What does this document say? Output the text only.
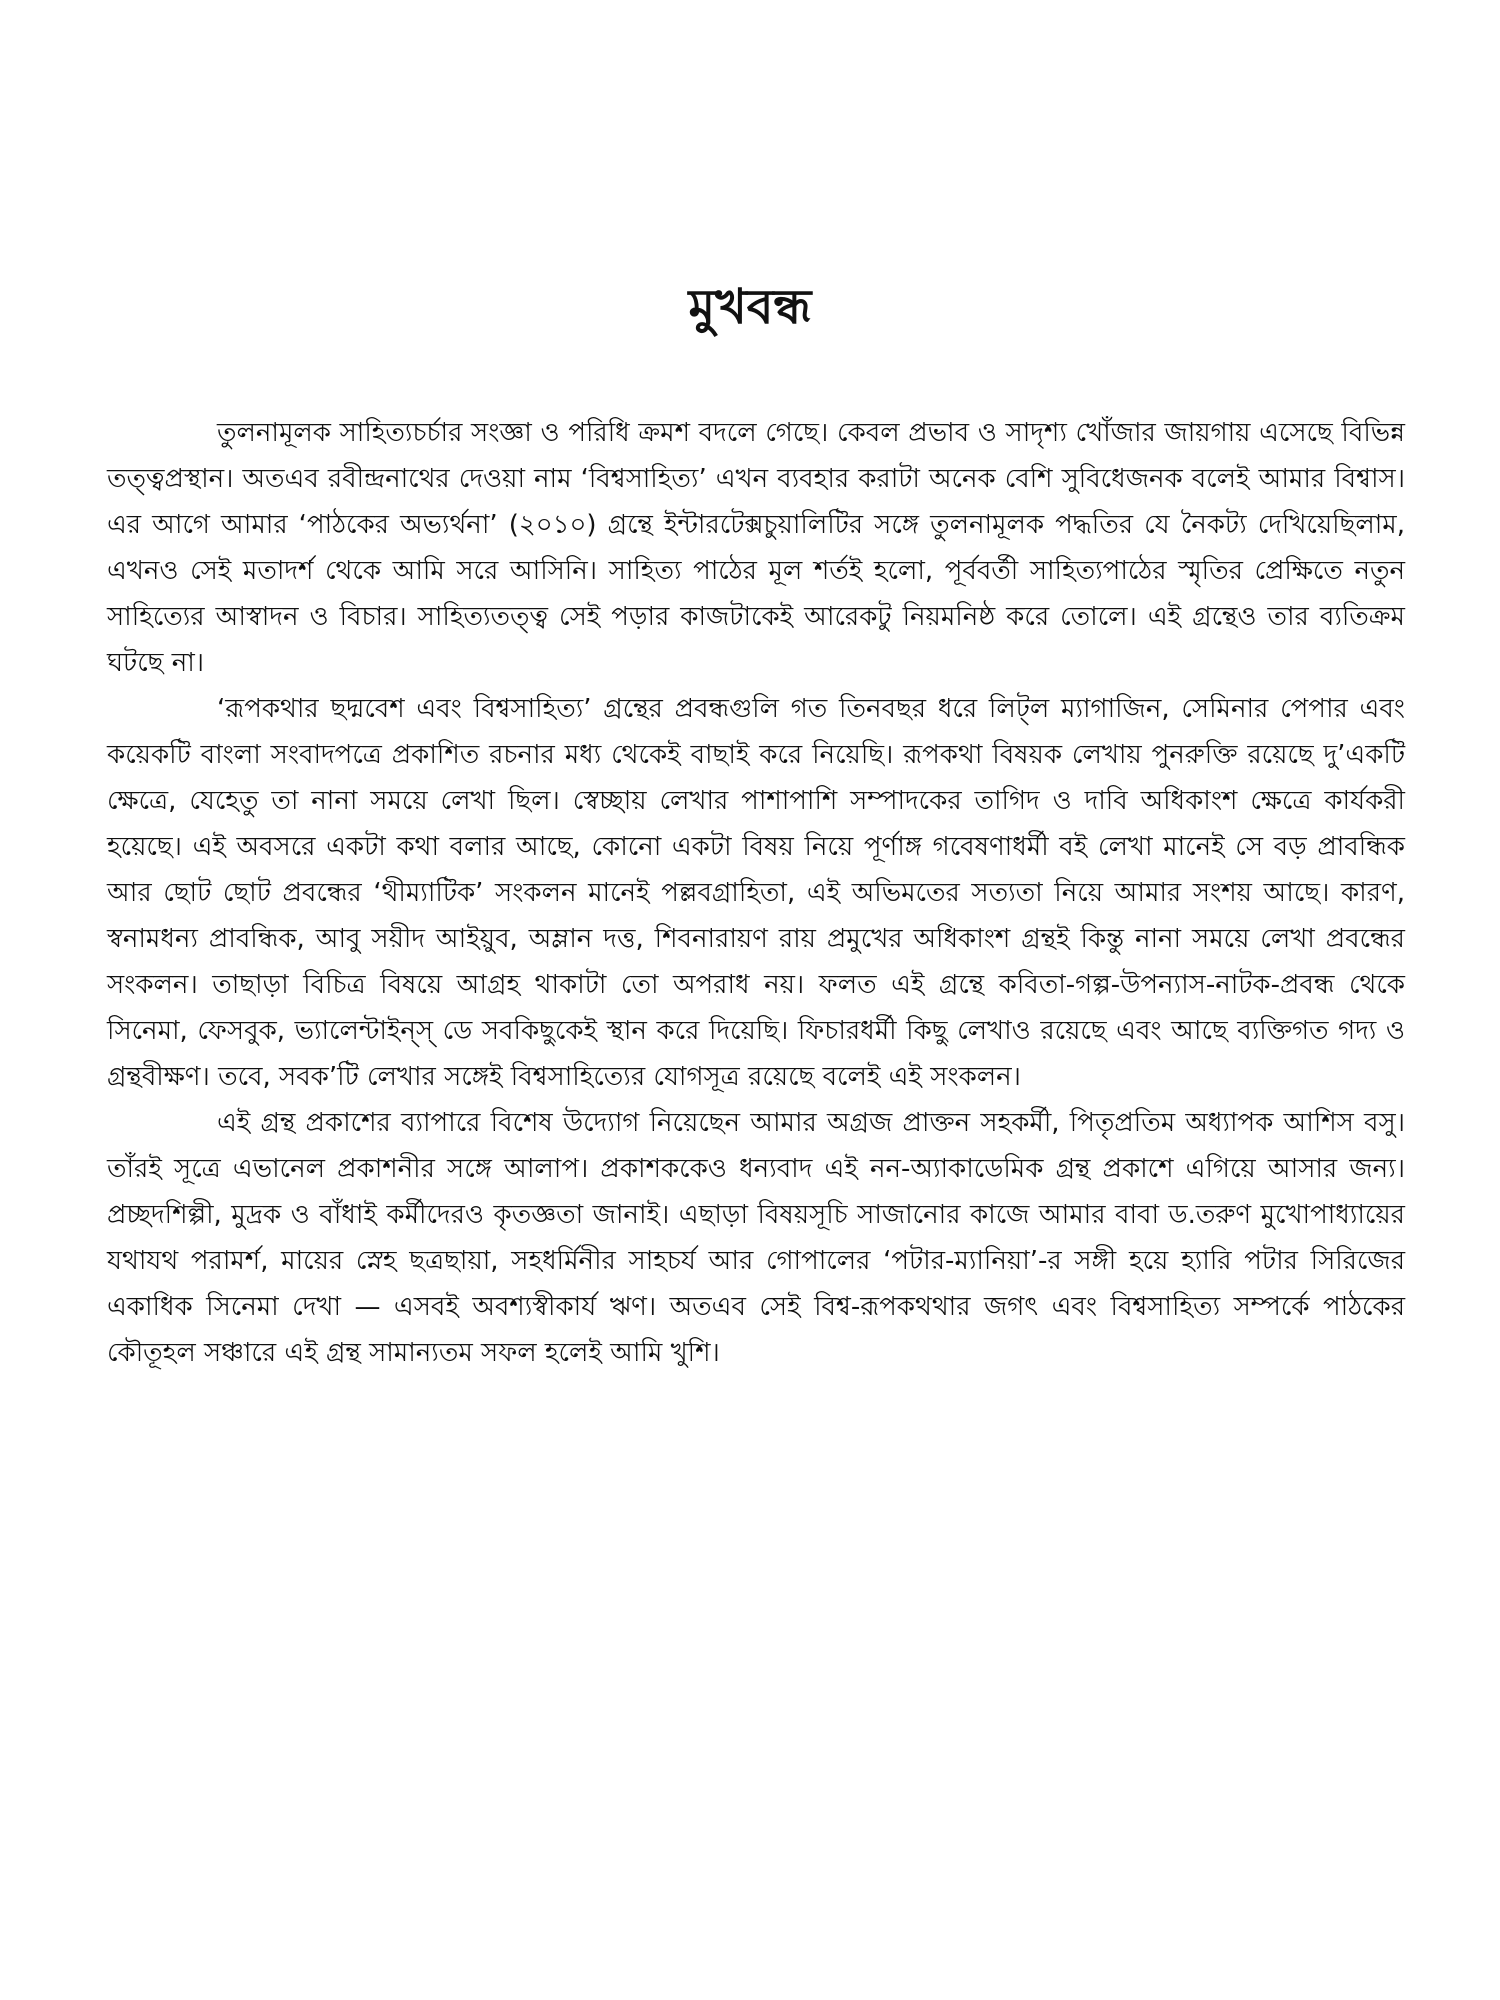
মুখবন্ধ

তুলনামূলক সাহিত্যচর্চার সংজ্ঞা ও পরিধি ক্রমশ বদলে গেছে। কেবল প্রভাব ও সাদৃশ্য খোঁজার জায়গায় এসেছে বিভিন্ন তত্ত্বপ্রস্থান। অতএব রবীন্দ্রনাথের দেওয়া নাম ‘বিশ্বসাহিত্য’ এখন ব্যবহার করাটা অনেক বেশি সুবিধেজনক বলেই আমার বিশ্বাস। এর আগে আমার ‘পাঠকের অভ্যর্থনা’ (২০১০) গ্রন্থে ইন্টারটেক্সচুয়ালিটির সঙ্গে তুলনামূলক পদ্ধতির যে নৈকট্য দেখিয়েছিলাম, এখনও সেই মতাদর্শ থেকে আমি সরে আসিনি। সাহিত্য পাঠের মূল শর্তই হলো, পূর্ববর্তী সাহিত্যপাঠের স্মৃতির প্রেক্ষিতে নতুন সাহিত্যের আস্বাদন ও বিচার। সাহিত্যতত্ত্ব সেই পড়ার কাজটাকেই আরেকটু নিয়মনিষ্ঠ করে তোলে। এই গ্রন্থেও তার ব্যতিক্রম ঘটছে না।

‘রূপকথার ছদ্মবেশ এবং বিশ্বসাহিত্য’ গ্রন্থের প্রবন্ধগুলি গত তিনবছর ধরে লিট্‌ল ম্যাগাজিন, সেমিনার পেপার এবং কয়েকটি বাংলা সংবাদপত্রে প্রকাশিত রচনার মধ্য থেকেই বাছাই করে নিয়েছি। রূপকথা বিষয়ক লেখায় পুনরুক্তি রয়েছে দু’একটি ক্ষেত্রে, যেহেতু তা নানা সময়ে লেখা ছিল। স্বেচ্ছায় লেখার পাশাপাশি সম্পাদকের তাগিদ ও দাবি অধিকাংশ ক্ষেত্রে কার্যকরী হয়েছে। এই অবসরে একটা কথা বলার আছে, কোনো একটা বিষয় নিয়ে পূর্ণাঙ্গ গবেষণাধর্মী বই লেখা মানেই সে বড় প্রাবন্ধিক আর ছোট ছোট প্রবন্ধের ‘থীম্যাটিক’ সংকলন মানেই পল্লবগ্রাহিতা, এই অভিমতের সত্যতা নিয়ে আমার সংশয় আছে। কারণ, স্বনামধন্য প্রাবন্ধিক, আবু সয়ীদ আইয়ুব, অম্লান দত্ত, শিবনারায়ণ রায় প্রমুখের অধিকাংশ গ্রন্থই কিন্তু নানা সময়ে লেখা প্রবন্ধের সংকলন। তাছাড়া বিচিত্র বিষয়ে আগ্রহ থাকাটা তো অপরাধ নয়। ফলত এই গ্রন্থে কবিতা-গল্প-উপন্যাস-নাটক-প্রবন্ধ থেকে সিনেমা, ফেসবুক, ভ্যালেন্টাইন্‌স্‌ ডে সবকিছুকেই স্থান করে দিয়েছি। ফিচারধর্মী কিছু লেখাও রয়েছে এবং আছে ব্যক্তিগত গদ্য ও গ্রন্থবীক্ষণ। তবে, সবক’টি লেখার সঙ্গেই বিশ্বসাহিত্যের যোগসূত্র রয়েছে বলেই এই সংকলন।

এই গ্রন্থ প্রকাশের ব্যাপারে বিশেষ উদ্যোগ নিয়েছেন আমার অগ্রজ প্রাক্তন সহকর্মী, পিতৃপ্রতিম অধ্যাপক আশিস বসু। তাঁরই সূত্রে এভানেল প্রকাশনীর সঙ্গে আলাপ। প্রকাশককেও ধন্যবাদ এই নন-অ্যাকাডেমিক গ্রন্থ প্রকাশে এগিয়ে আসার জন্য। প্রচ্ছদশিল্পী, মুদ্রক ও বাঁধাই কর্মীদেরও কৃতজ্ঞতা জানাই। এছাড়া বিষয়সূচি সাজানোর কাজে আমার বাবা ড.তরুণ মুখোপাধ্যায়ের যথাযথ পরামর্শ, মায়ের স্নেহ ছত্রছায়া, সহধর্মিনীর সাহচর্য আর গোপালের ‘পটার-ম্যানিয়া’-র সঙ্গী হয়ে হ্যারি পটার সিরিজের একাধিক সিনেমা দেখা — এসবই অবশ্যস্বীকার্য ঋণ। অতএব সেই বিশ্ব-রূপকথথার জগৎ এবং বিশ্বসাহিত্য সম্পর্কে পাঠকের কৌতূহল সঞ্চারে এই গ্রন্থ সামান্যতম সফল হলেই আমি খুশি।
